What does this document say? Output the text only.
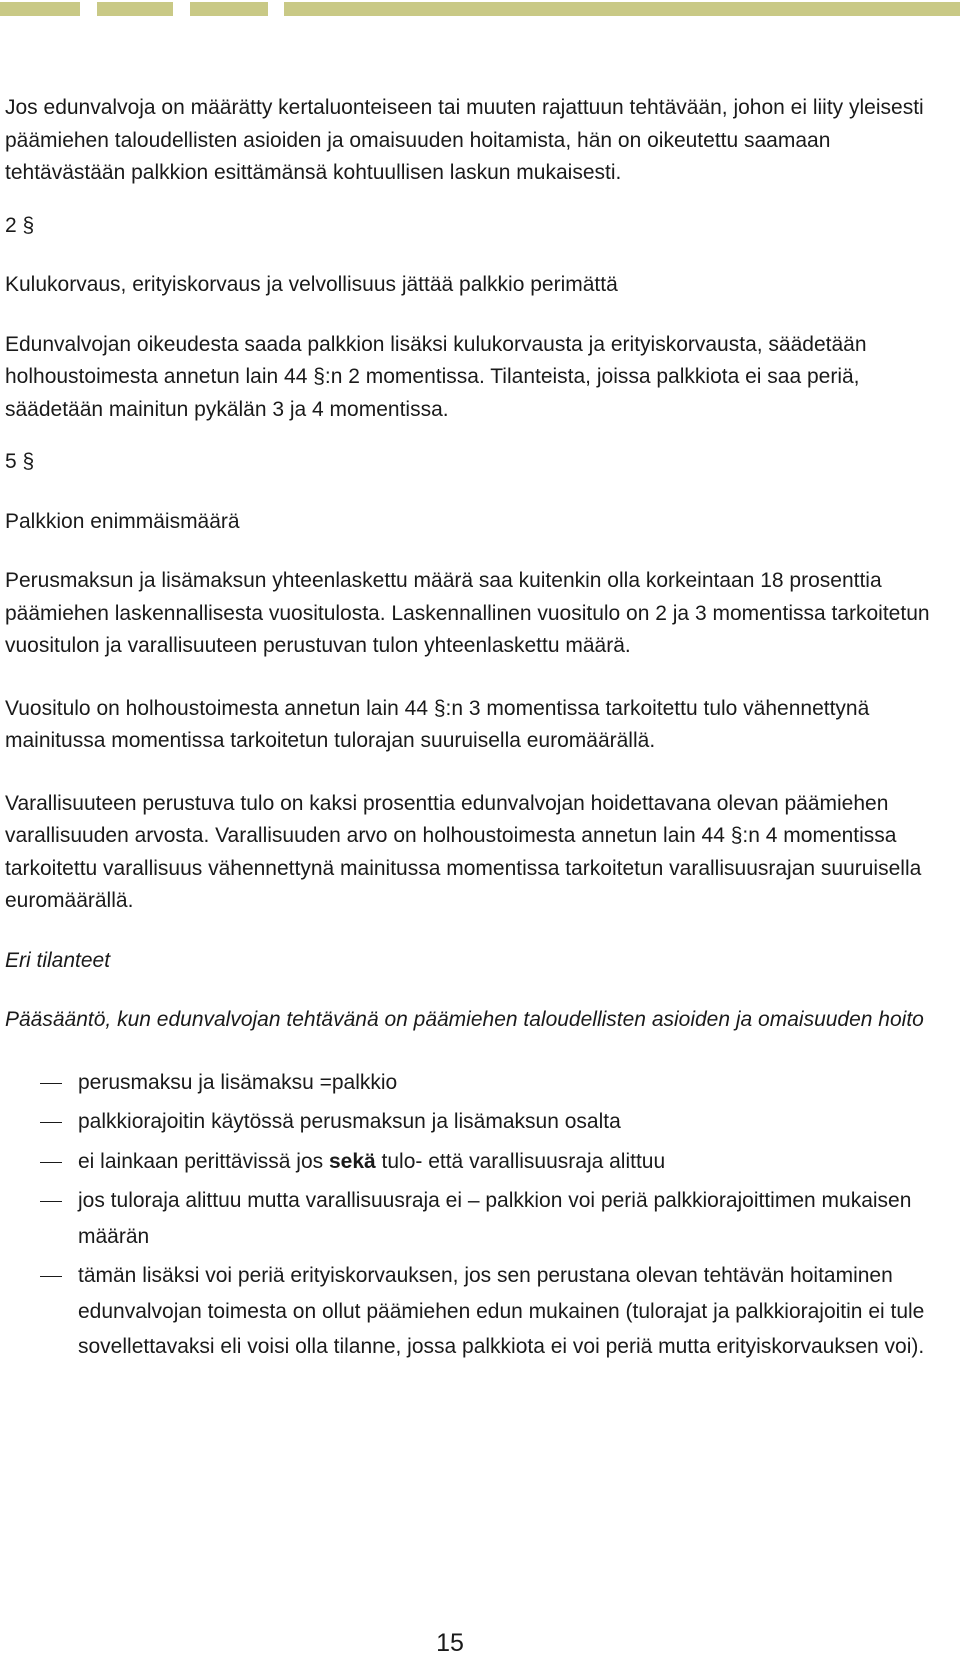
Jos edunvalvoja on määrätty kertaluonteiseen tai muuten rajattuun tehtävään, johon ei liity yleisesti päämiehen taloudellisten asioiden ja omaisuuden hoitamista, hän on oikeutettu saamaan tehtävästään palkkion esittämänsä kohtuullisen laskun mukaisesti.

2 §

Kulukorvaus, erityiskorvaus ja velvollisuus jättää palkkio perimättä

Edunvalvojan oikeudesta saada palkkion lisäksi kulukorvausta ja erityiskorvausta, säädetään holhoustoimesta annetun lain 44 §:n 2 momentissa. Tilanteista, joissa palkkiota ei saa periä, säädetään mainitun pykälän 3 ja 4 momentissa.

5 §

Palkkion enimmäismäärä

Perusmaksun ja lisämaksun yhteenlaskettu määrä saa kuitenkin olla korkeintaan 18 prosenttia päämiehen laskennallisesta vuositulosta. Laskennallinen vuositulo on 2 ja 3 momentissa tarkoitetun vuositulon ja varallisuuteen perustuvan tulon yhteenlaskettu määrä.

Vuositulo on holhoustoimesta annetun lain 44 §:n 3 momentissa tarkoitettu tulo vähennettynä mainitussa momentissa tarkoitetun tulorajan suuruisella euromäärällä.

Varallisuuteen perustuva tulo on kaksi prosenttia edunvalvojan hoidettavana olevan päämiehen varallisuuden arvosta. Varallisuuden arvo on holhoustoimesta annetun lain 44 §:n 4 momentissa tarkoitettu varallisuus vähennettynä mainitussa momentissa tarkoitetun varallisuusrajan suuruisella euromäärällä.

Eri tilanteet

Pääsääntö, kun edunvalvojan tehtävänä on päämiehen taloudellisten asioiden ja omaisuuden hoito

perusmaksu ja lisämaksu =palkkio
palkkiorajoitin käytössä perusmaksun ja lisämaksun osalta
ei lainkaan perittävissä jos sekä tulo- että varallisuusraja alittuu
jos tuloraja alittuu mutta varallisuusraja ei – palkkion voi periä palkkiorajoittimen mukaisen määrän
tämän lisäksi voi periä erityiskorvauksen, jos sen perustana olevan tehtävän hoitaminen edunvalvojan toimesta on ollut päämiehen edun mukainen (tulorajat ja palkkiorajoitin ei tule sovellettavaksi eli voisi olla tilanne, jossa palkkiota ei voi periä mutta erityiskorvauksen voi).
15
